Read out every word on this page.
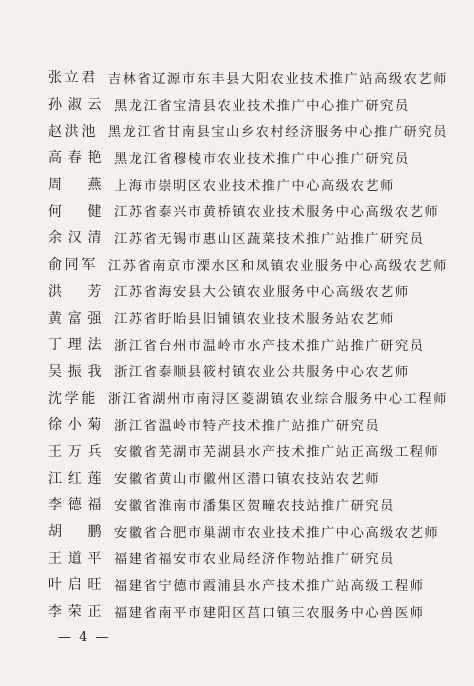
张立君 吉林省辽源市东丰县大阳农业技术推广站高级农艺师
孙淑云 黑龙江省宝清县农业技术推广中心推广研究员
赵洪池 黑龙江省甘南县宝山乡农村经济服务中心推广研究员
高春艳 黑龙江省穆棱市农业技术推广中心推广研究员
周　燕 上海市崇明区农业技术推广中心高级农艺师
何　健 江苏省泰兴市黄桥镇农业技术服务中心高级农艺师
余汉清 江苏省无锡市惠山区蔬菜技术推广站推广研究员
俞同军 江苏省南京市溧水区和凤镇农业服务中心高级农艺师
洪　芳 江苏省海安县大公镇农业服务中心高级农艺师
黄富强 江苏省盱眙县旧铺镇农业技术服务站农艺师
丁理法 浙江省台州市温岭市水产技术推广站推广研究员
吴振我 浙江省泰顺县筱村镇农业公共服务中心农艺师
沈学能 浙江省湖州市南浔区菱湖镇农业综合服务中心工程师
徐小菊 浙江省温岭市特产技术推广站推广研究员
王万兵 安徽省芜湖市芜湖县水产技术推广站正高级工程师
江红莲 安徽省黄山市徽州区潜口镇农技站农艺师
李德福 安徽省淮南市潘集区贺疃农技站推广研究员
胡　鹏 安徽省合肥市巢湖市农业技术推广中心高级农艺师
王道平 福建省福安市农业局经济作物站推广研究员
叶启旺 福建省宁德市霞浦县水产技术推广站高级工程师
李荣正 福建省南平市建阳区莒口镇三农服务中心兽医师
— 4 —
